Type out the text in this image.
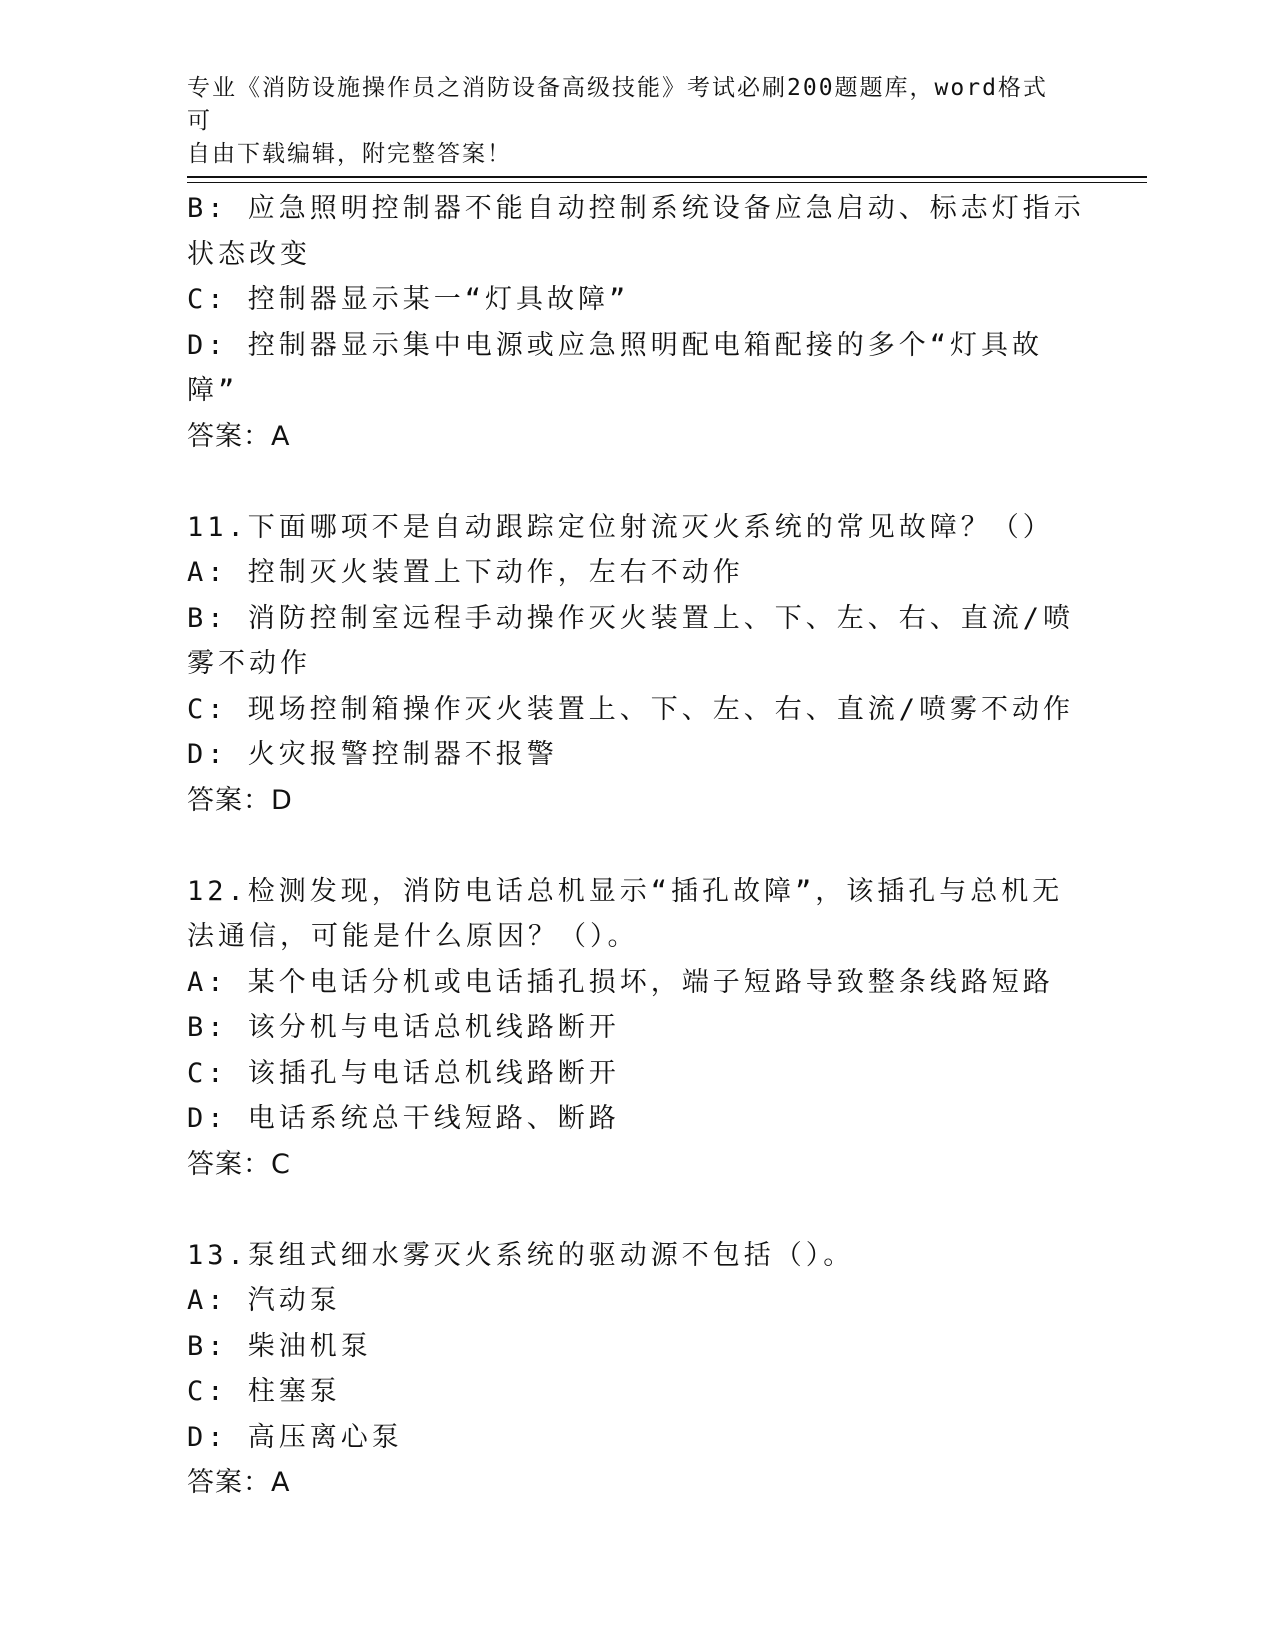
专业《消防设施操作员之消防设备高级技能》考试必刷200题题库，word格式可
自由下载编辑，附完整答案！

B: 应急照明控制器不能自动控制系统设备应急启动、标志灯指示状态改变

C: 控制器显示某一“灯具故障”

D: 控制器显示集中电源或应急照明配电箱配接的多个“灯具故障”

答案：A

11.下面哪项不是自动跟踪定位射流灭火系统的常见故障？（）

A: 控制灭火装置上下动作，左右不动作

B: 消防控制室远程手动操作灭火装置上、下、左、右、直流/喷雾不动作

C: 现场控制箱操作灭火装置上、下、左、右、直流/喷雾不动作

D: 火灾报警控制器不报警

答案：D

12.检测发现，消防电话总机显示“插孔故障”，该插孔与总机无法通信，可能是什么原因？（）。

A: 某个电话分机或电话插孔损坏，端子短路导致整条线路短路

B: 该分机与电话总机线路断开

C: 该插孔与电话总机线路断开

D: 电话系统总干线短路、断路

答案：C

13.泵组式细水雾灭火系统的驱动源不包括（）。

A: 汽动泵

B: 柴油机泵

C: 柱塞泵

D: 高压离心泵

答案：A
